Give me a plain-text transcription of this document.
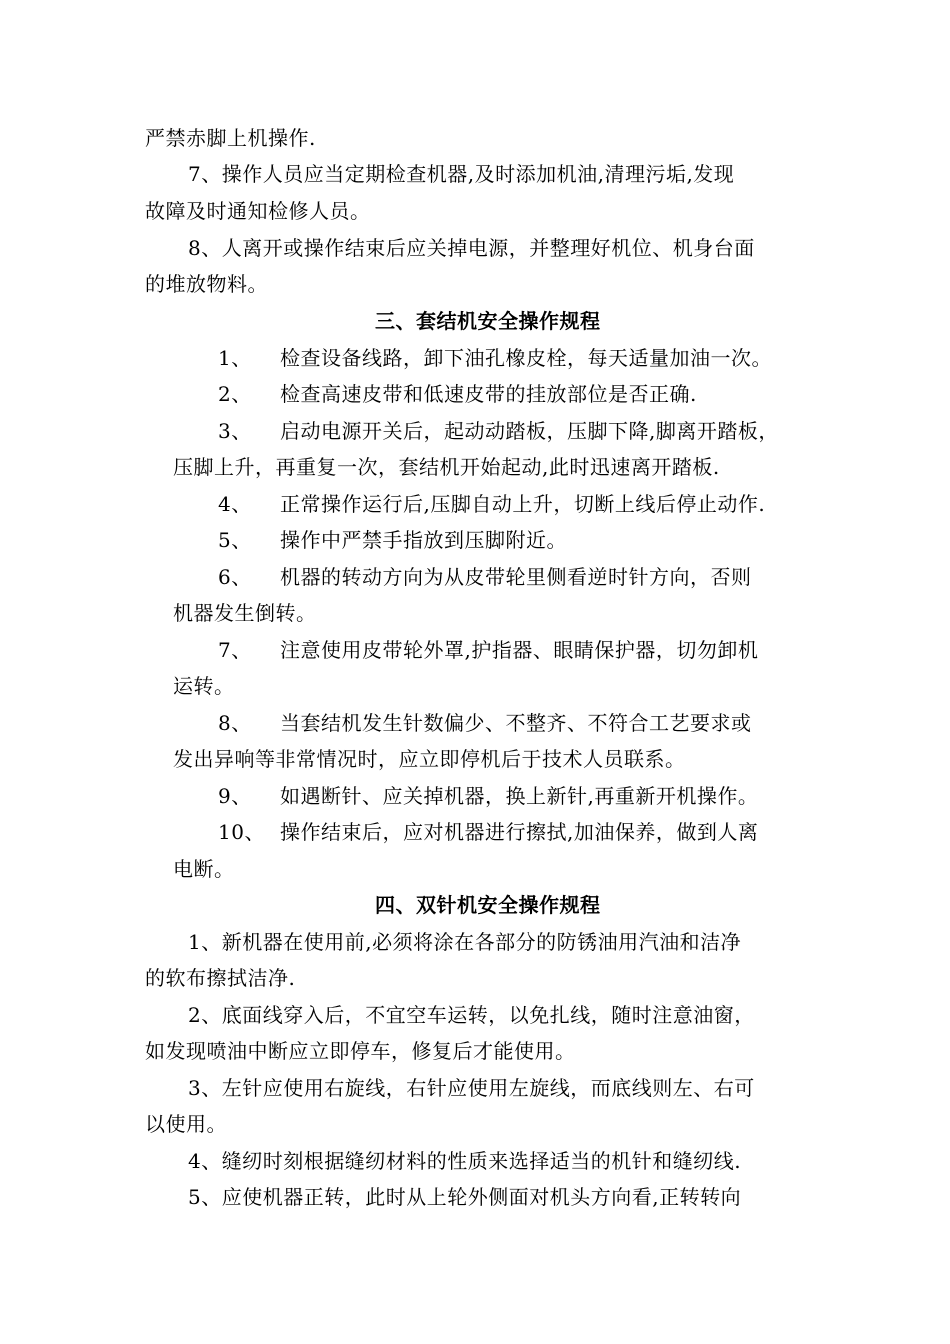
严禁赤脚上机操作.
7、操作人员应当定期检查机器,及时添加机油,清理污垢,发现
故障及时通知检修人员。
8、人离开或操作结束后应关掉电源，并整理好机位、机身台面
的堆放物料。
三、套结机安全操作规程
1、 检查设备线路，卸下油孔橡皮栓，每天适量加油一次。
2、 检查高速皮带和低速皮带的挂放部位是否正确.
3、 启动电源开关后，起动动踏板，压脚下降,脚离开踏板，
压脚上升，再重复一次，套结机开始起动,此时迅速离开踏板.
4、 正常操作运行后,压脚自动上升，切断上线后停止动作.
5、 操作中严禁手指放到压脚附近。
6、 机器的转动方向为从皮带轮里侧看逆时针方向，否则
机器发生倒转。
7、 注意使用皮带轮外罩,护指器、眼睛保护器，切勿卸机
运转。
8、 当套结机发生针数偏少、不整齐、不符合工艺要求或
发出异响等非常情况时，应立即停机后于技术人员联系。
9、 如遇断针、应关掉机器，换上新针,再重新开机操作。
10、 操作结束后，应对机器进行擦拭,加油保养，做到人离
电断。
四、双针机安全操作规程
1、新机器在使用前,必须将涂在各部分的防锈油用汽油和洁净
的软布擦拭洁净.
2、底面线穿入后，不宜空车运转，以免扎线，随时注意油窗，
如发现喷油中断应立即停车，修复后才能使用。
3、左针应使用右旋线，右针应使用左旋线，而底线则左、右可
以使用。
4、缝纫时刻根据缝纫材料的性质来选择适当的机针和缝纫线.
5、应使机器正转，此时从上轮外侧面对机头方向看,正转转向
